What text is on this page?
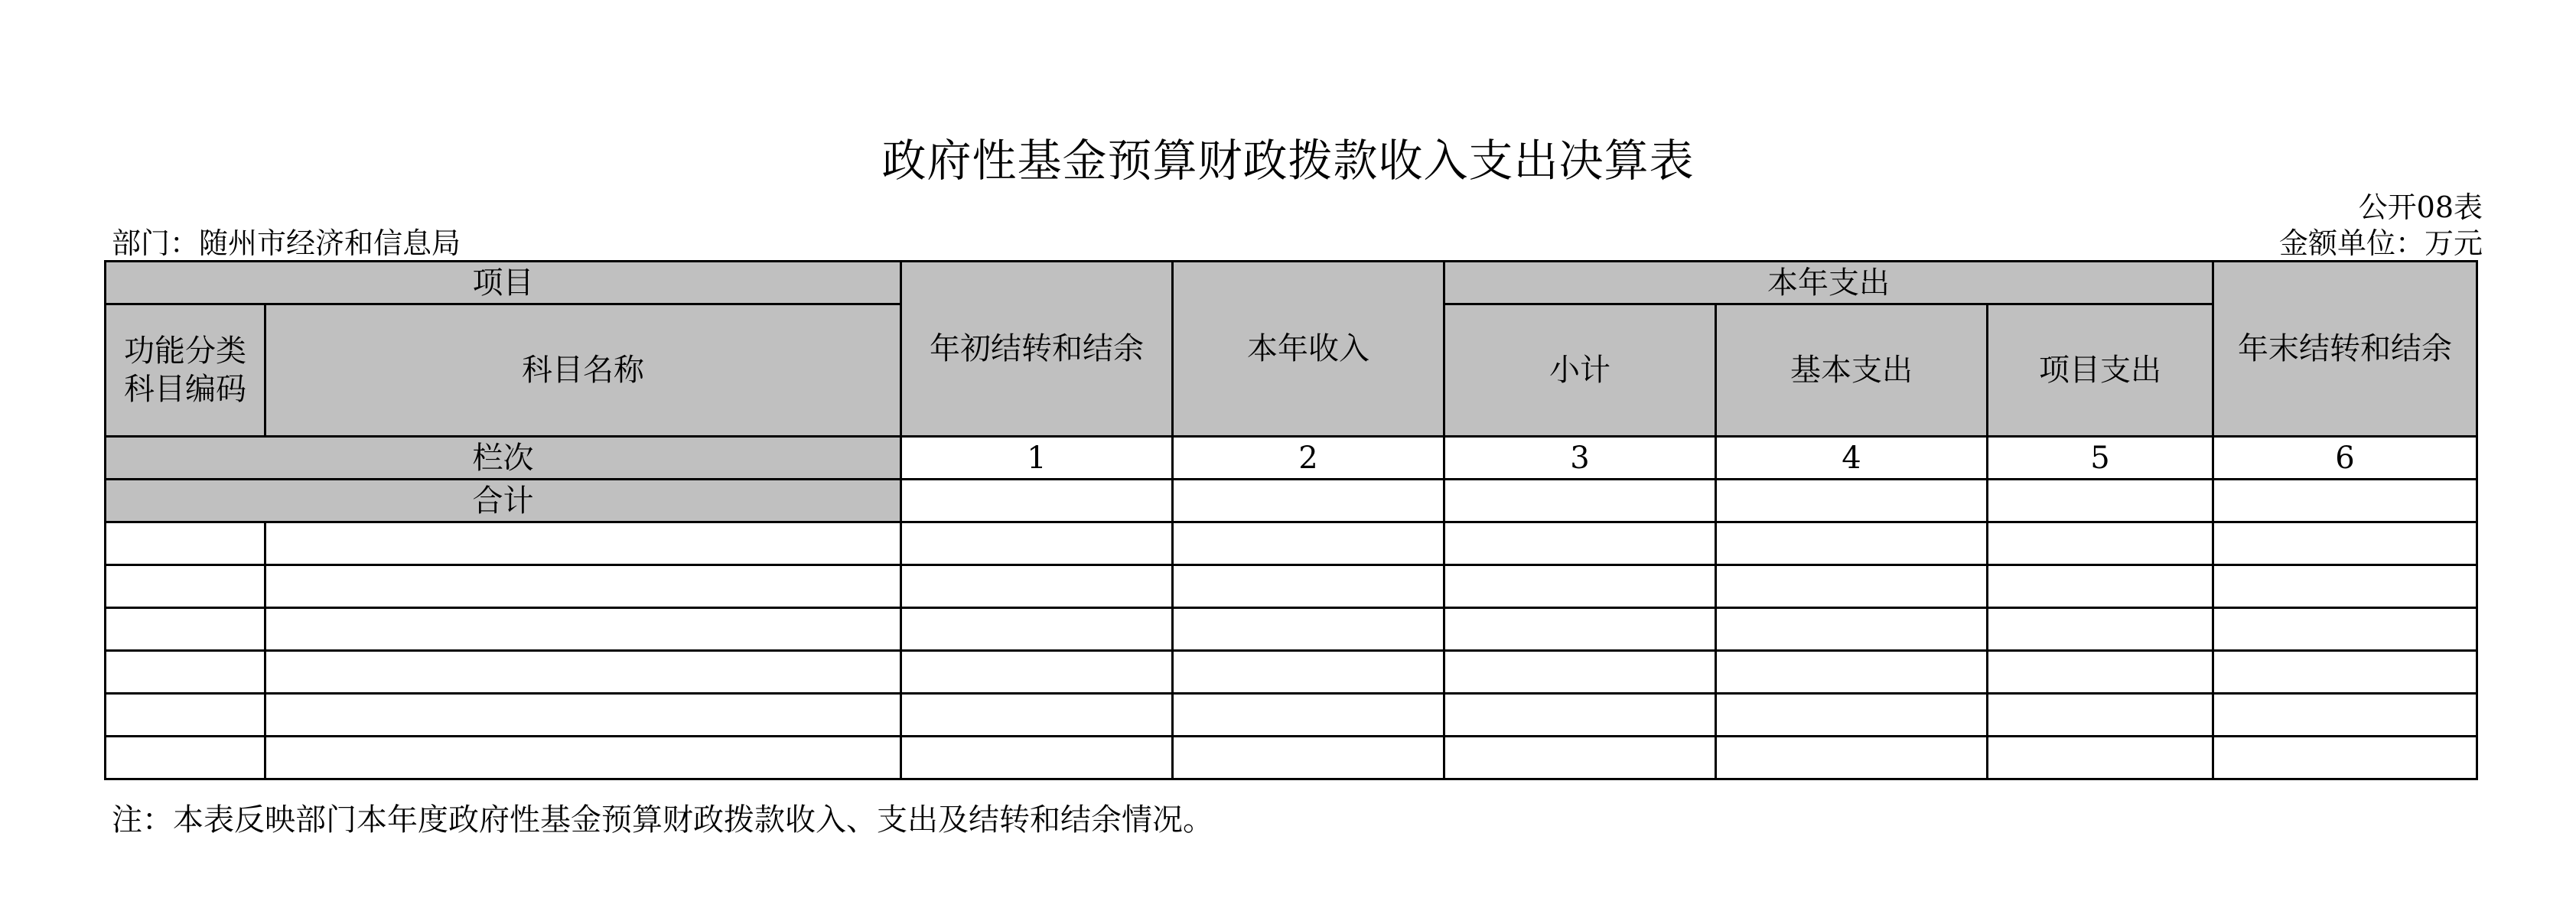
政府性基金预算财政拨款收入支出决算表
公开08表
部门：随州市经济和信息局	金额单位：万元
项目		年初结转和结余	本年收入	本年支出			年末结转和结余

功能分类科目编码	科目名称			小计	基本支出	项目支出	
栏次		1	2	3	4	5	6
合计							

注：本表反映部门本年度政府性基金预算财政拨款收入、支出及结转和结余情况。
